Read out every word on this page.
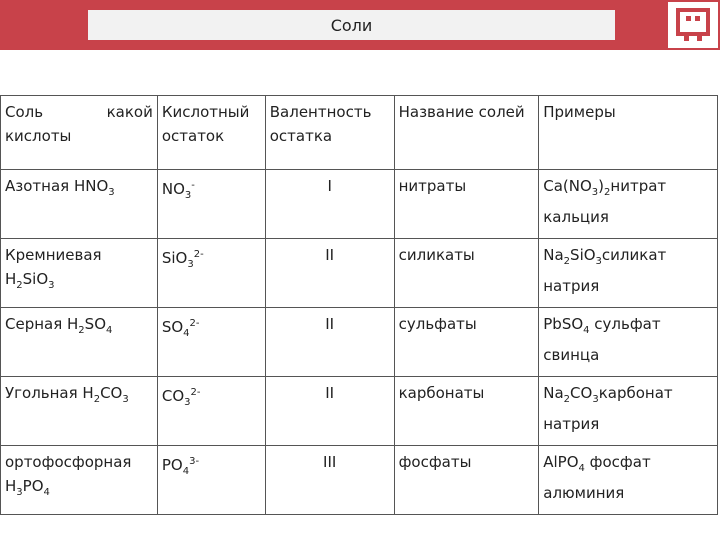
Соли
Соль какой
кислоты	Кислотный остаток	Валентность остатка	Название солей	Примеры
Азотная $HNO_3$	$NO_3^-$	I	нитраты	$Ca(NO_3)_2нитрат$ кальция
Кремниевая $H_2SiO_3$	SiO$_3^{2-}$	II	силикаты	$Na_2SiO_3силикат$ натрия
Серная $H_2SO_4$	$SO_4^{2-}$	II	сульфаты	PbSO$_4$ сульфат свинца
Угольная $H_2CO_3$	$CO_3^{2-}$	II	карбонаты	$Na_2CO_3карбонат$ натрия
ортофосфорная $H_3PO_4$	$PO_4^{3-}$	III	фосфаты	AlPO$_4$ фосфат алюминия
